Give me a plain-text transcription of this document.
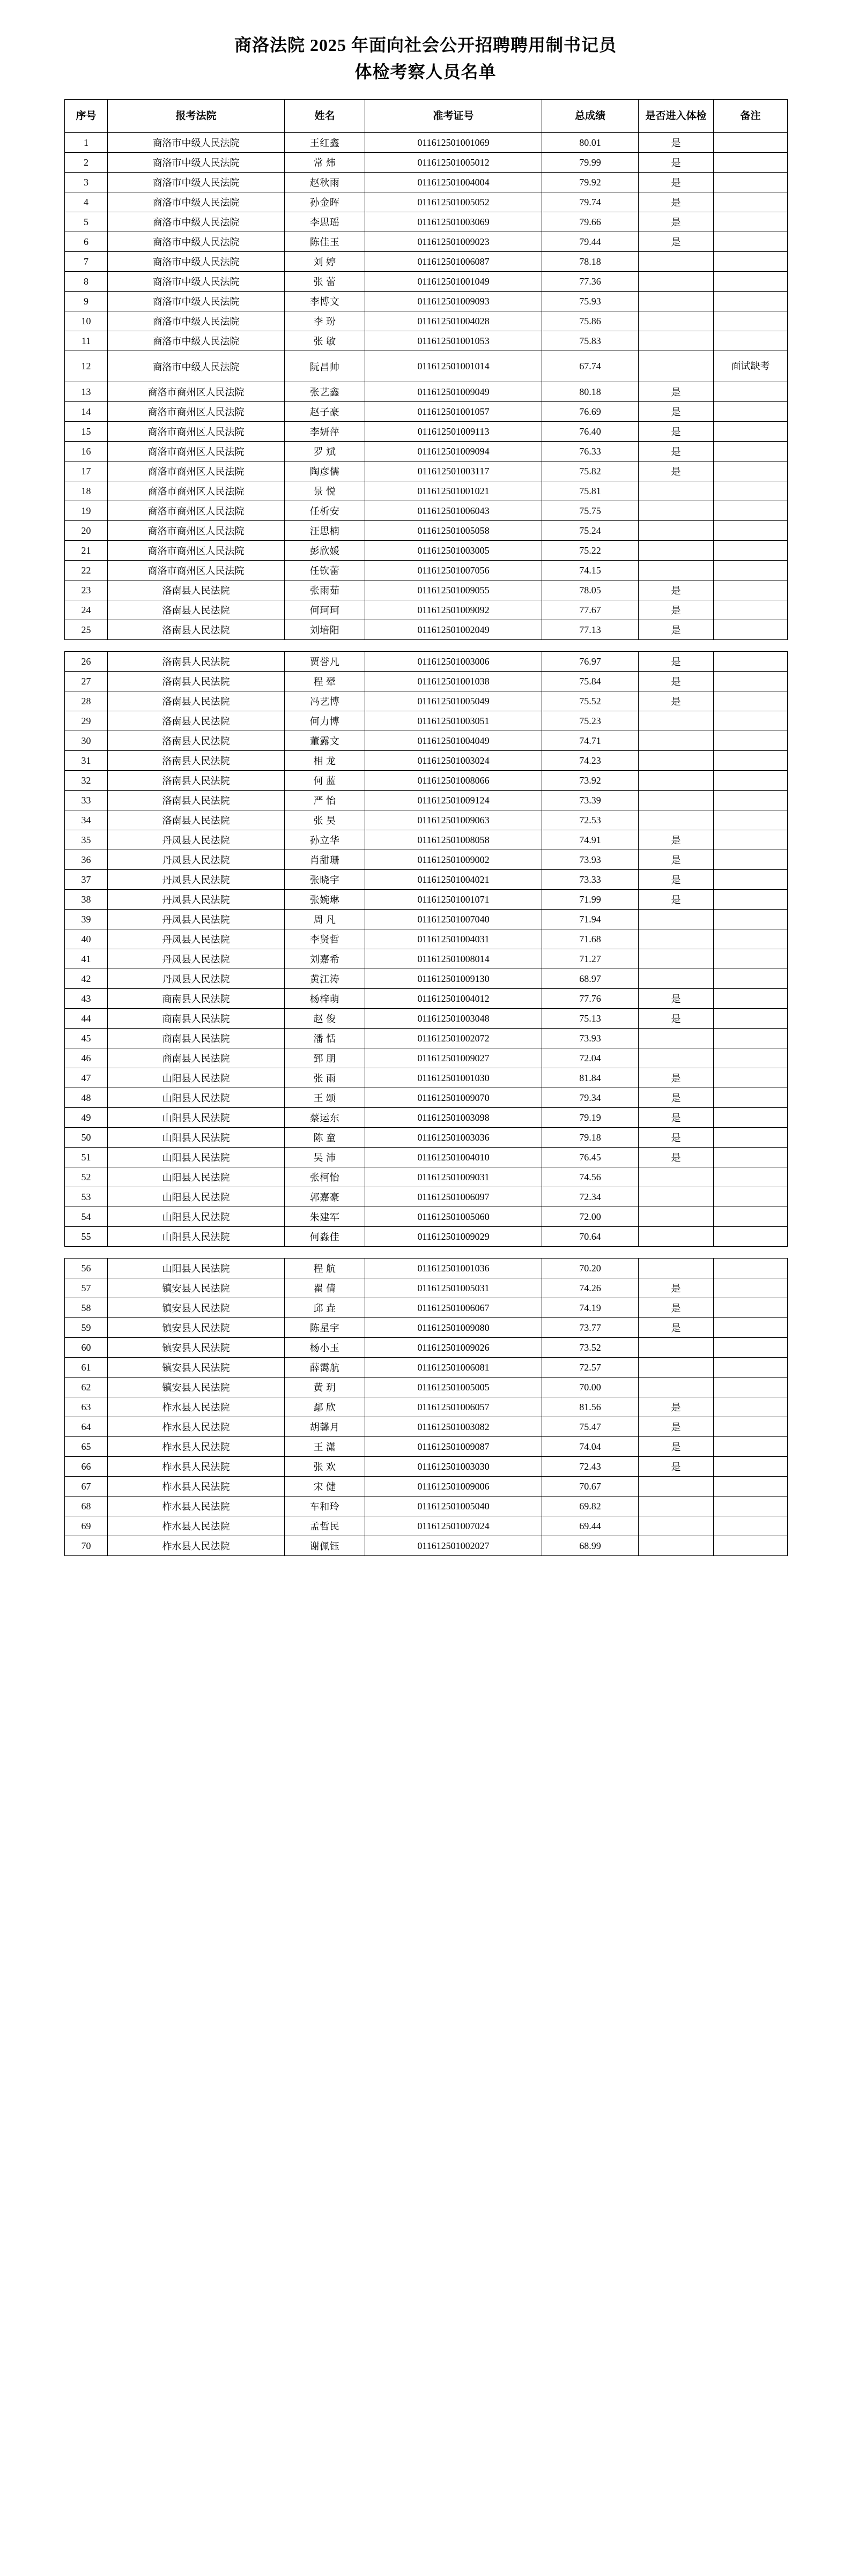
商洛法院 2025 年面向社会公开招聘聘用制书记员
体检考察人员名单
序号	报考法院	姓名	准考证号	总成绩	是否进入体检	备注
1	商洛市中级人民法院	王红鑫	011612501001069	80.01	是	
2	商洛市中级人民法院	常 炜	011612501005012	79.99	是	
3	商洛市中级人民法院	赵秋雨	011612501004004	79.92	是	
4	商洛市中级人民法院	孙金晖	011612501005052	79.74	是	
5	商洛市中级人民法院	李思瑶	011612501003069	79.66	是	
6	商洛市中级人民法院	陈佳玉	011612501009023	79.44	是	
7	商洛市中级人民法院	刘 婷	011612501006087	78.18		
8	商洛市中级人民法院	张 蕾	011612501001049	77.36		
9	商洛市中级人民法院	李博文	011612501009093	75.93		
10	商洛市中级人民法院	李 玢	011612501004028	75.86		
11	商洛市中级人民法院	张 敏	011612501001053	75.83		
12	商洛市中级人民法院	阮昌帅	011612501001014	67.74		面试缺考
13	商洛市商州区人民法院	张艺鑫	011612501009049	80.18	是	
14	商洛市商州区人民法院	赵子豪	011612501001057	76.69	是	
15	商洛市商州区人民法院	李妍萍	011612501009113	76.40	是	
16	商洛市商州区人民法院	罗 斌	011612501009094	76.33	是	
17	商洛市商州区人民法院	陶彦儒	011612501003117	75.82	是	
18	商洛市商州区人民法院	景 悦	011612501001021	75.81		
19	商洛市商州区人民法院	任析安	011612501006043	75.75		
20	商洛市商州区人民法院	汪思楠	011612501005058	75.24		
21	商洛市商州区人民法院	彭欣媛	011612501003005	75.22		
22	商洛市商州区人民法院	任钦蕾	011612501007056	74.15		
23	洛南县人民法院	张雨茹	011612501009055	78.05	是	
24	洛南县人民法院	何珂珂	011612501009092	77.67	是	
25	洛南县人民法院	刘培阳	011612501002049	77.13	是	

26	洛南县人民法院	贾誉凡	011612501003006	76.97	是	
27	洛南县人民法院	程 翚	011612501001038	75.84	是	
28	洛南县人民法院	冯艺博	011612501005049	75.52	是	
29	洛南县人民法院	何力博	011612501003051	75.23		
30	洛南县人民法院	董露文	011612501004049	74.71		
31	洛南县人民法院	相 龙	011612501003024	74.23		
32	洛南县人民法院	何 蓝	011612501008066	73.92		
33	洛南县人民法院	严 怡	011612501009124	73.39		
34	洛南县人民法院	张 昊	011612501009063	72.53		
35	丹凤县人民法院	孙立华	011612501008058	74.91	是	
36	丹凤县人民法院	肖甜珊	011612501009002	73.93	是	
37	丹凤县人民法院	张晓宇	011612501004021	73.33	是	
38	丹凤县人民法院	张婉琳	011612501001071	71.99	是	
39	丹凤县人民法院	周 凡	011612501007040	71.94		
40	丹凤县人民法院	李贤哲	011612501004031	71.68		
41	丹凤县人民法院	刘嘉希	011612501008014	71.27		
42	丹凤县人民法院	黄江涛	011612501009130	68.97		
43	商南县人民法院	杨梓萌	011612501004012	77.76	是	
44	商南县人民法院	赵 俊	011612501003048	75.13	是	
45	商南县人民法院	潘 恬	011612501002072	73.93		
46	商南县人民法院	郅 朋	011612501009027	72.04		
47	山阳县人民法院	张 雨	011612501001030	81.84	是	
48	山阳县人民法院	王 颂	011612501009070	79.34	是	
49	山阳县人民法院	蔡运东	011612501003098	79.19	是	
50	山阳县人民法院	陈 童	011612501003036	79.18	是	
51	山阳县人民法院	吴 沛	011612501004010	76.45	是	
52	山阳县人民法院	张柯怡	011612501009031	74.56		
53	山阳县人民法院	郭嘉豪	011612501006097	72.34		
54	山阳县人民法院	朱建军	011612501005060	72.00		
55	山阳县人民法院	何淼佳	011612501009029	70.64		

56	山阳县人民法院	程 航	011612501001036	70.20		
57	镇安县人民法院	瞿 倩	011612501005031	74.26	是	
58	镇安县人民法院	邱 垚	011612501006067	74.19	是	
59	镇安县人民法院	陈星宇	011612501009080	73.77	是	
60	镇安县人民法院	杨小玉	011612501009026	73.52		
61	镇安县人民法院	薛霭航	011612501006081	72.57		
62	镇安县人民法院	黄 玥	011612501005005	70.00		
63	柞水县人民法院	鄢 欣	011612501006057	81.56	是	
64	柞水县人民法院	胡馨月	011612501003082	75.47	是	
65	柞水县人民法院	王 潇	011612501009087	74.04	是	
66	柞水县人民法院	张 欢	011612501003030	72.43	是	
67	柞水县人民法院	宋 健	011612501009006	70.67		
68	柞水县人民法院	车和玲	011612501005040	69.82		
69	柞水县人民法院	孟哲民	011612501007024	69.44		
70	柞水县人民法院	谢佩钰	011612501002027	68.99		
